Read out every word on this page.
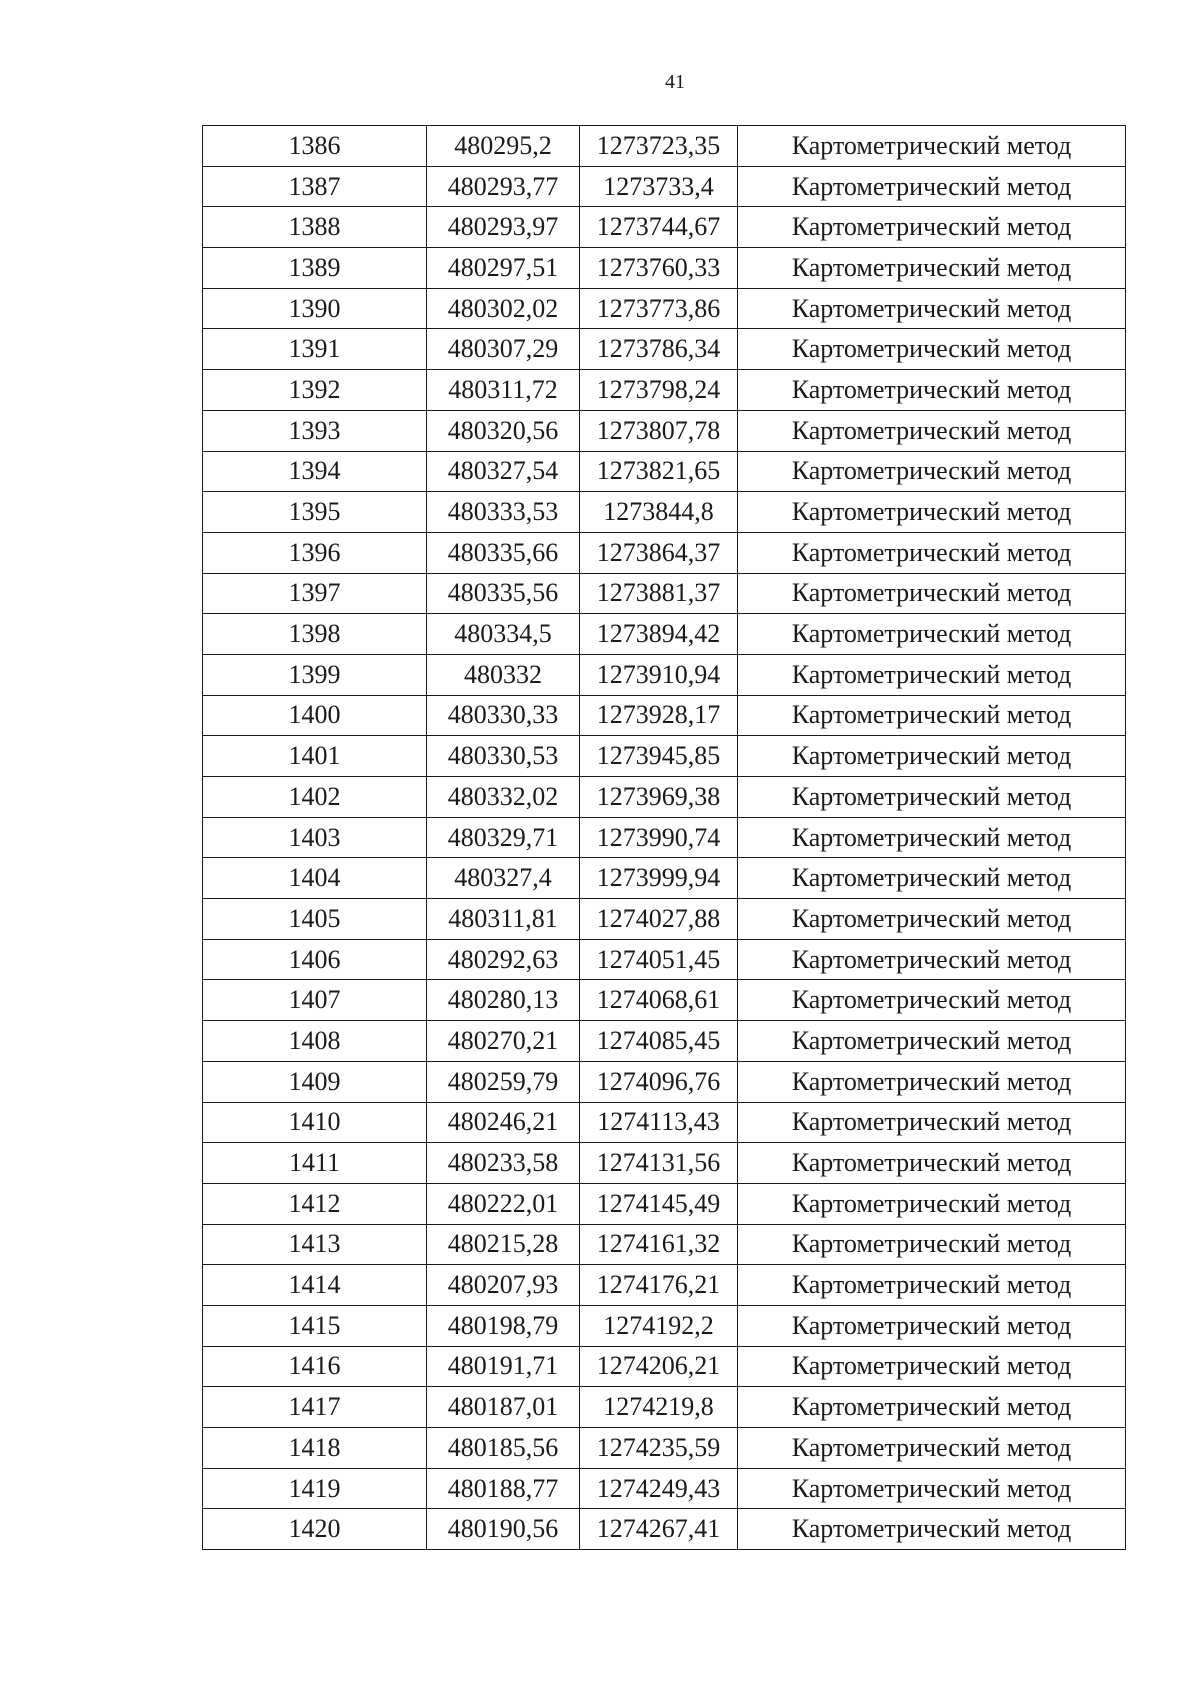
41
1386	480295,2	1273723,35	Картометрический метод
1387	480293,77	1273733,4	Картометрический метод
1388	480293,97	1273744,67	Картометрический метод
1389	480297,51	1273760,33	Картометрический метод
1390	480302,02	1273773,86	Картометрический метод
1391	480307,29	1273786,34	Картометрический метод
1392	480311,72	1273798,24	Картометрический метод
1393	480320,56	1273807,78	Картометрический метод
1394	480327,54	1273821,65	Картометрический метод
1395	480333,53	1273844,8	Картометрический метод
1396	480335,66	1273864,37	Картометрический метод
1397	480335,56	1273881,37	Картометрический метод
1398	480334,5	1273894,42	Картометрический метод
1399	480332	1273910,94	Картометрический метод
1400	480330,33	1273928,17	Картометрический метод
1401	480330,53	1273945,85	Картометрический метод
1402	480332,02	1273969,38	Картометрический метод
1403	480329,71	1273990,74	Картометрический метод
1404	480327,4	1273999,94	Картометрический метод
1405	480311,81	1274027,88	Картометрический метод
1406	480292,63	1274051,45	Картометрический метод
1407	480280,13	1274068,61	Картометрический метод
1408	480270,21	1274085,45	Картометрический метод
1409	480259,79	1274096,76	Картометрический метод
1410	480246,21	1274113,43	Картометрический метод
1411	480233,58	1274131,56	Картометрический метод
1412	480222,01	1274145,49	Картометрический метод
1413	480215,28	1274161,32	Картометрический метод
1414	480207,93	1274176,21	Картометрический метод
1415	480198,79	1274192,2	Картометрический метод
1416	480191,71	1274206,21	Картометрический метод
1417	480187,01	1274219,8	Картометрический метод
1418	480185,56	1274235,59	Картометрический метод
1419	480188,77	1274249,43	Картометрический метод
1420	480190,56	1274267,41	Картометрический метод
